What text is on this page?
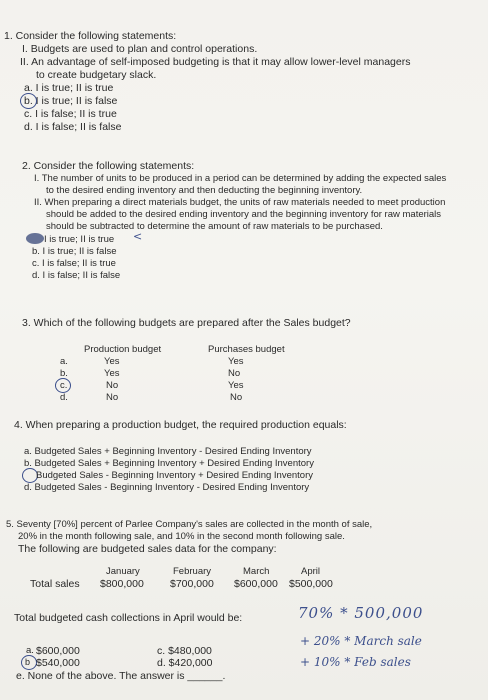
1. Consider the following statements:
I. Budgets are used to plan and control operations.
II. An advantage of self-imposed budgeting is that it may allow lower-level managers
to create budgetary slack.
a. I is true; II is true
b. I is true; II is false
c. I is false; II is true
d. I is false; II is false
2. Consider the following statements:
I. The number of units to be produced in a period can be determined by adding the expected sales
to the desired ending inventory and then deducting the beginning inventory.
II. When preparing a direct materials budget, the units of raw materials needed to meet production
should be added to the desired ending inventory and the beginning inventory for raw materials
should be subtracted to determine the amount of raw materials to be purchased.
I is true; II is true <
b. I is true; II is false
c. I is false; II is true
d. I is false; II is false
3. Which of the following budgets are prepared after the Sales budget?
Production budget	Purchases budget
a.	Yes	Yes
b.	Yes	No
c.	No	Yes
d.	No	No
4. When preparing a production budget, the required production equals:
a. Budgeted Sales + Beginning Inventory - Desired Ending Inventory
b. Budgeted Sales + Beginning Inventory + Desired Ending Inventory
Budgeted Sales - Beginning Inventory + Desired Ending Inventory
d. Budgeted Sales - Beginning Inventory - Desired Ending Inventory
5. Seventy [70%] percent of Parlee Company's sales are collected in the month of sale,
20% in the month following sale, and 10% in the second month following sale.
The following are budgeted sales data for the company:
January	February	March	April
Total sales $800,000 $700,000 $600,000 $500,000
Total budgeted cash collections in April would be:	70% * 500,000
$600,000
a.
+ 20% * March sale
c. $480,000
b $540,000	d. $420,000	+ 10% * Feb sales
e. None of the above. The answer is ______.
